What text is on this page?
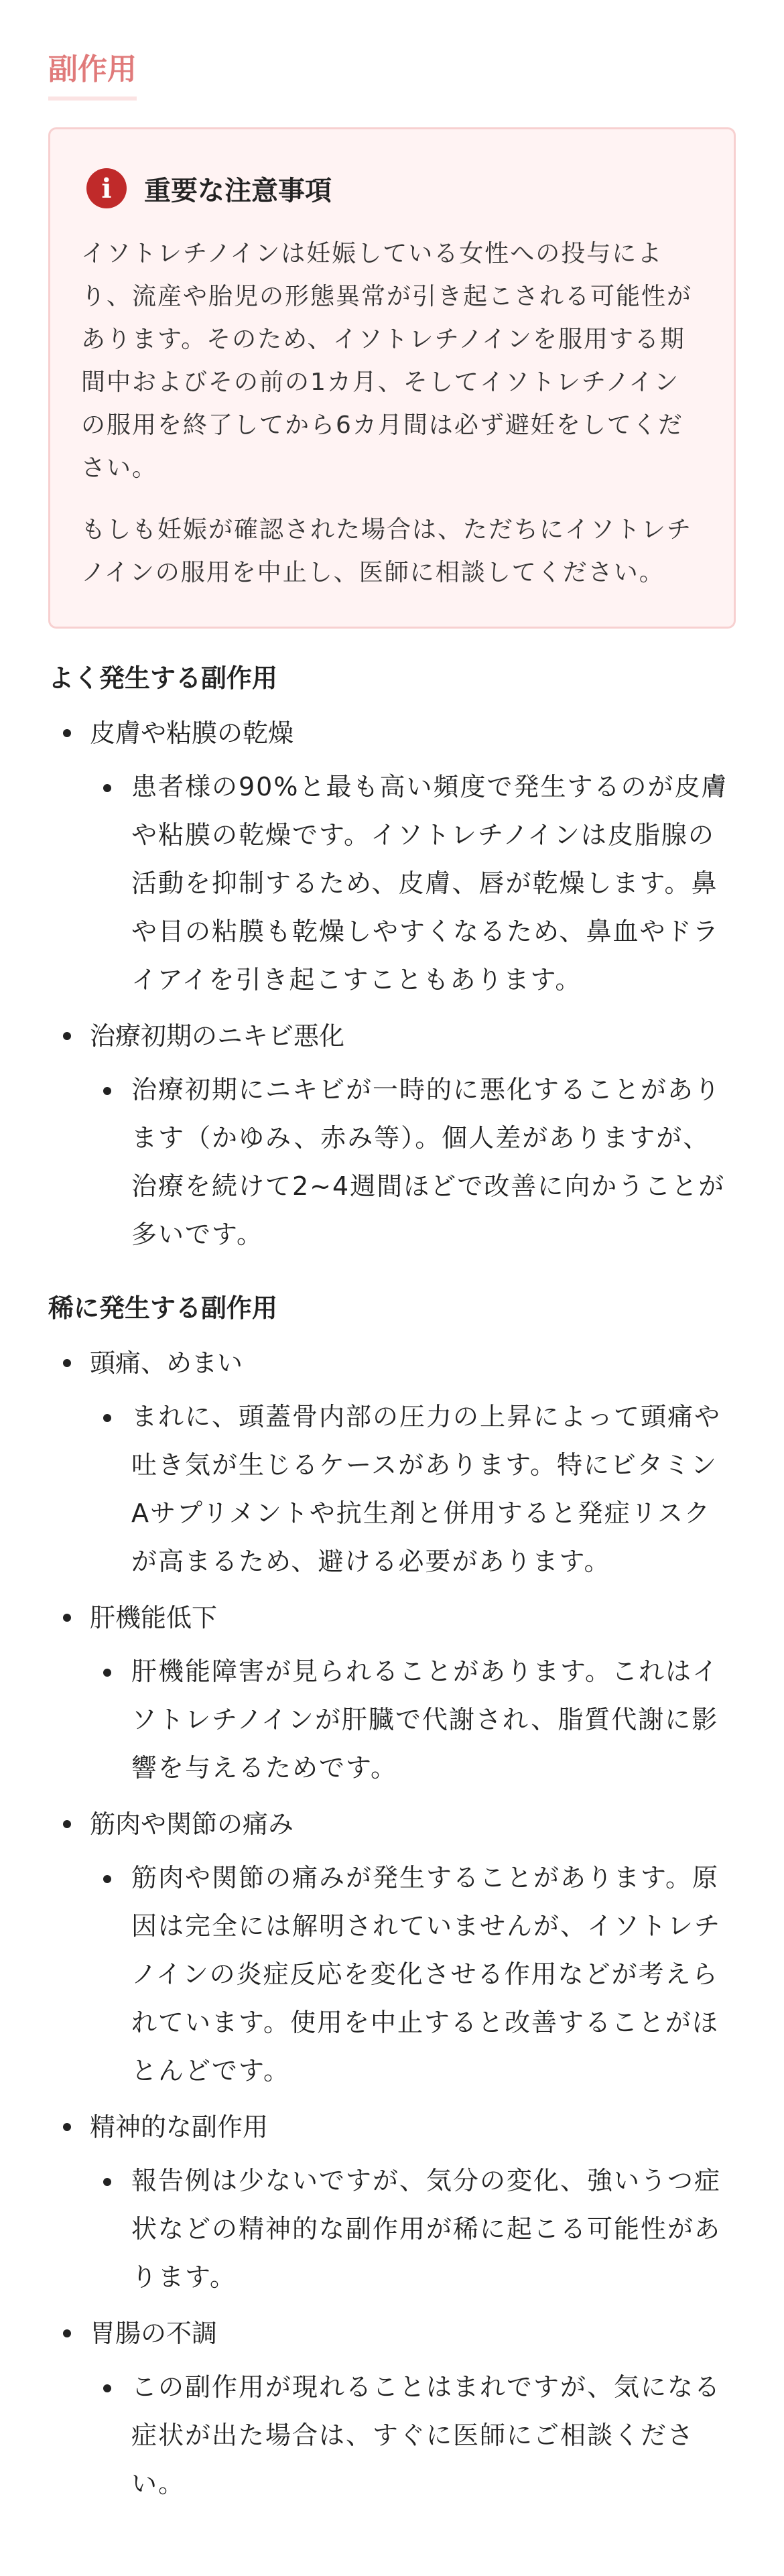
副作用
i	重要な注意事項

イソトレチノインは妊娠している女性への投与により、流産や胎児の形態異常が引き起こされる可能性があります。そのため、イソトレチノインを服用する期間中およびその前の1カ月、そしてイソトレチノインの服用を終了してから6カ月間は必ず避妊をしてください。

もしも妊娠が確認された場合は、ただちにイソトレチノインの服用を中止し、医師に相談してください。

よく発生する副作用
皮膚や粘膜の乾燥
患者様の90%と最も高い頻度で発生するのが皮膚や粘膜の乾燥です。イソトレチノインは皮脂腺の活動を抑制するため、皮膚、唇が乾燥します。鼻や目の粘膜も乾燥しやすくなるため、鼻血やドライアイを引き起こすこともあります。
治療初期のニキビ悪化
治療初期にニキビが一時的に悪化することがあります（かゆみ、赤み等）。個人差がありますが、治療を続けて2~4週間ほどで改善に向かうことが多いです。
稀に発生する副作用
頭痛、めまい
まれに、頭蓋骨内部の圧力の上昇によって頭痛や吐き気が生じるケースがあります。特にビタミンAサプリメントや抗生剤と併用すると発症リスクが高まるため、避ける必要があります。
肝機能低下
肝機能障害が見られることがあります。これはイソトレチノインが肝臓で代謝され、脂質代謝に影響を与えるためです。
筋肉や関節の痛み
筋肉や関節の痛みが発生することがあります。原因は完全には解明されていませんが、イソトレチノインの炎症反応を変化させる作用などが考えられています。使用を中止すると改善することがほとんどです。
精神的な副作用
報告例は少ないですが、気分の変化、強いうつ症状などの精神的な副作用が稀に起こる可能性があります。
胃腸の不調
この副作用が現れることはまれですが、気になる症状が出た場合は、すぐに医師にご相談ください。
